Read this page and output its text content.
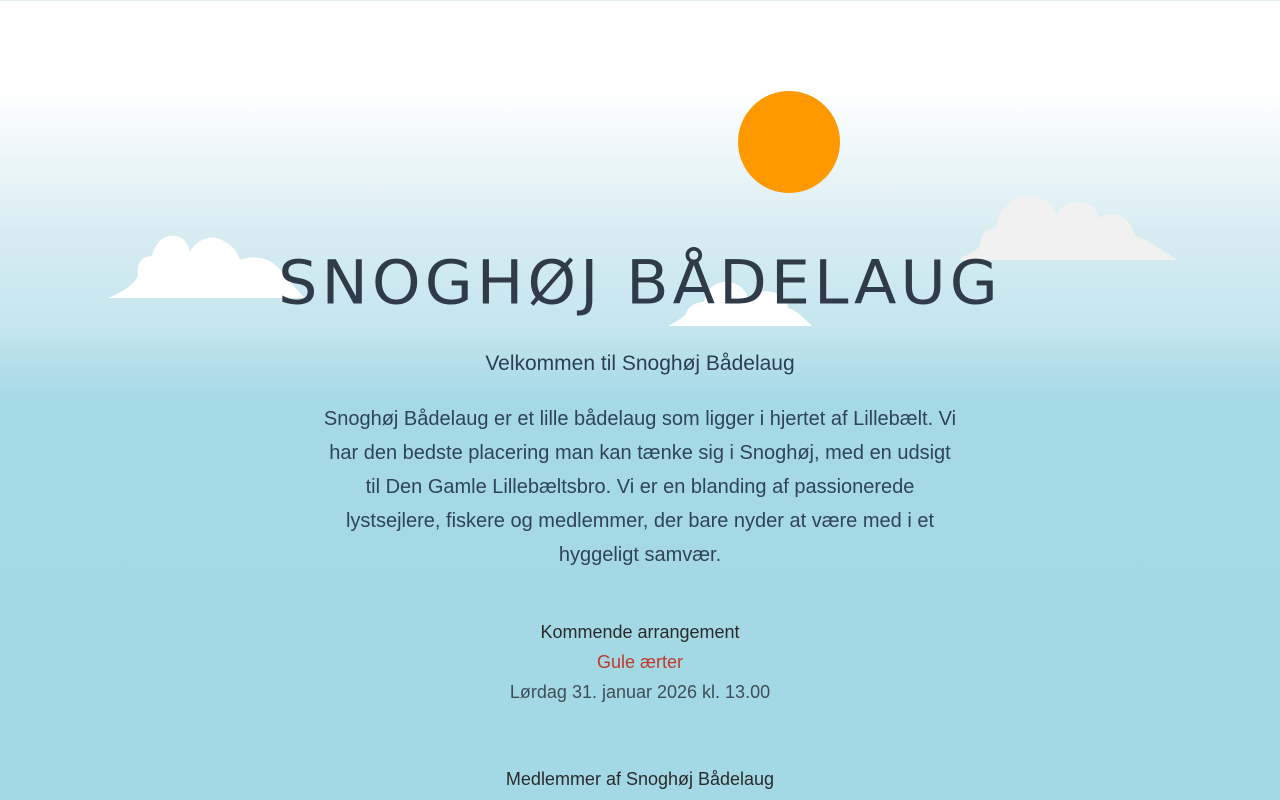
SNOGHØJ BÅDELAUG
Velkommen til Snoghøj Bådelaug
Snoghøj Bådelaug er et lille bådelaug som ligger i hjertet af Lillebælt. Vi har den bedste placering man kan tænke sig i Snoghøj, med en udsigt til Den Gamle Lillebæltsbro. Vi er en blanding af passionerede lystsejlere, fiskere og medlemmer, der bare nyder at være med i et hyggeligt samvær.
Kommende arrangement
Gule ærter
Lørdag 31. januar 2026 kl. 13.00
Medlemmer af Snoghøj Bådelaug
